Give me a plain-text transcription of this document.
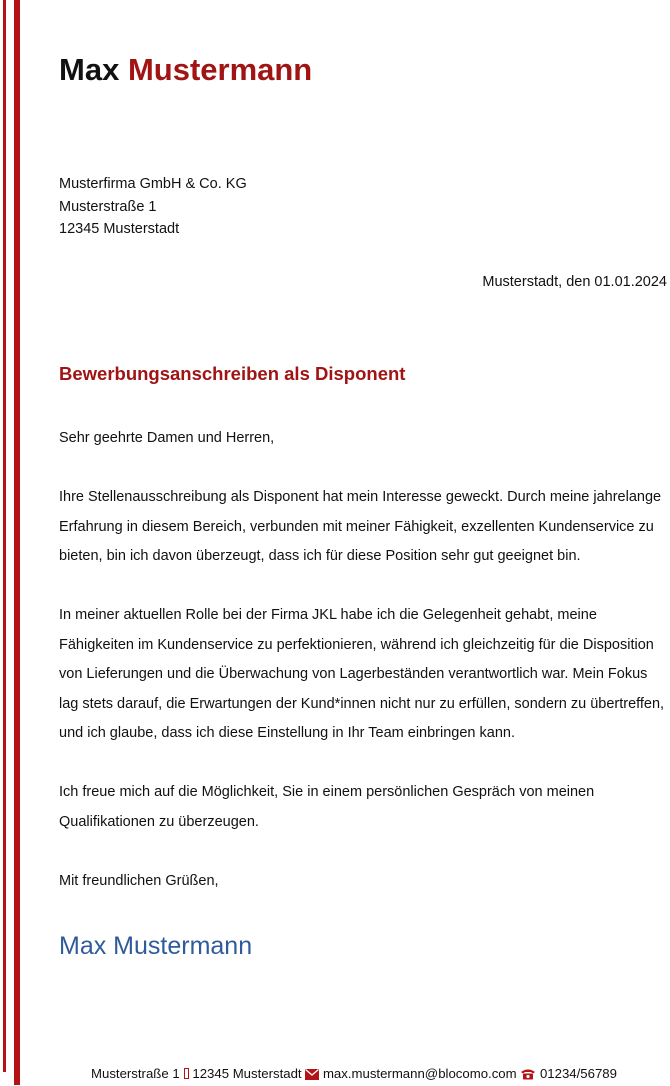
Max Mustermann
Musterfirma GmbH & Co. KG
Musterstraße 1
12345 Musterstadt
Musterstadt, den 01.01.2024
Bewerbungsanschreiben als Disponent

Sehr geehrte Damen und Herren,

Ihre Stellenausschreibung als Disponent hat mein Interesse geweckt. Durch meine jahrelange Erfahrung in diesem Bereich, verbunden mit meiner Fähigkeit, exzellenten Kundenservice zu bieten, bin ich davon überzeugt, dass ich für diese Position sehr gut geeignet bin.

In meiner aktuellen Rolle bei der Firma JKL habe ich die Gelegenheit gehabt, meine Fähigkeiten im Kundenservice zu perfektionieren, während ich gleichzeitig für die Disposition von Lieferungen und die Überwachung von Lagerbeständen verantwortlich war. Mein Fokus lag stets darauf, die Erwartungen der Kund*innen nicht nur zu erfüllen, sondern zu übertreffen, und ich glaube, dass ich diese Einstellung in Ihr Team einbringen kann.

Ich freue mich auf die Möglichkeit, Sie in einem persönlichen Gespräch von meinen Qualifikationen zu überzeugen.

Mit freundlichen Grüßen,

Max Mustermann
Musterstraße 1 12345 Musterstadt max.mustermann@blocomo.com 01234/56789
